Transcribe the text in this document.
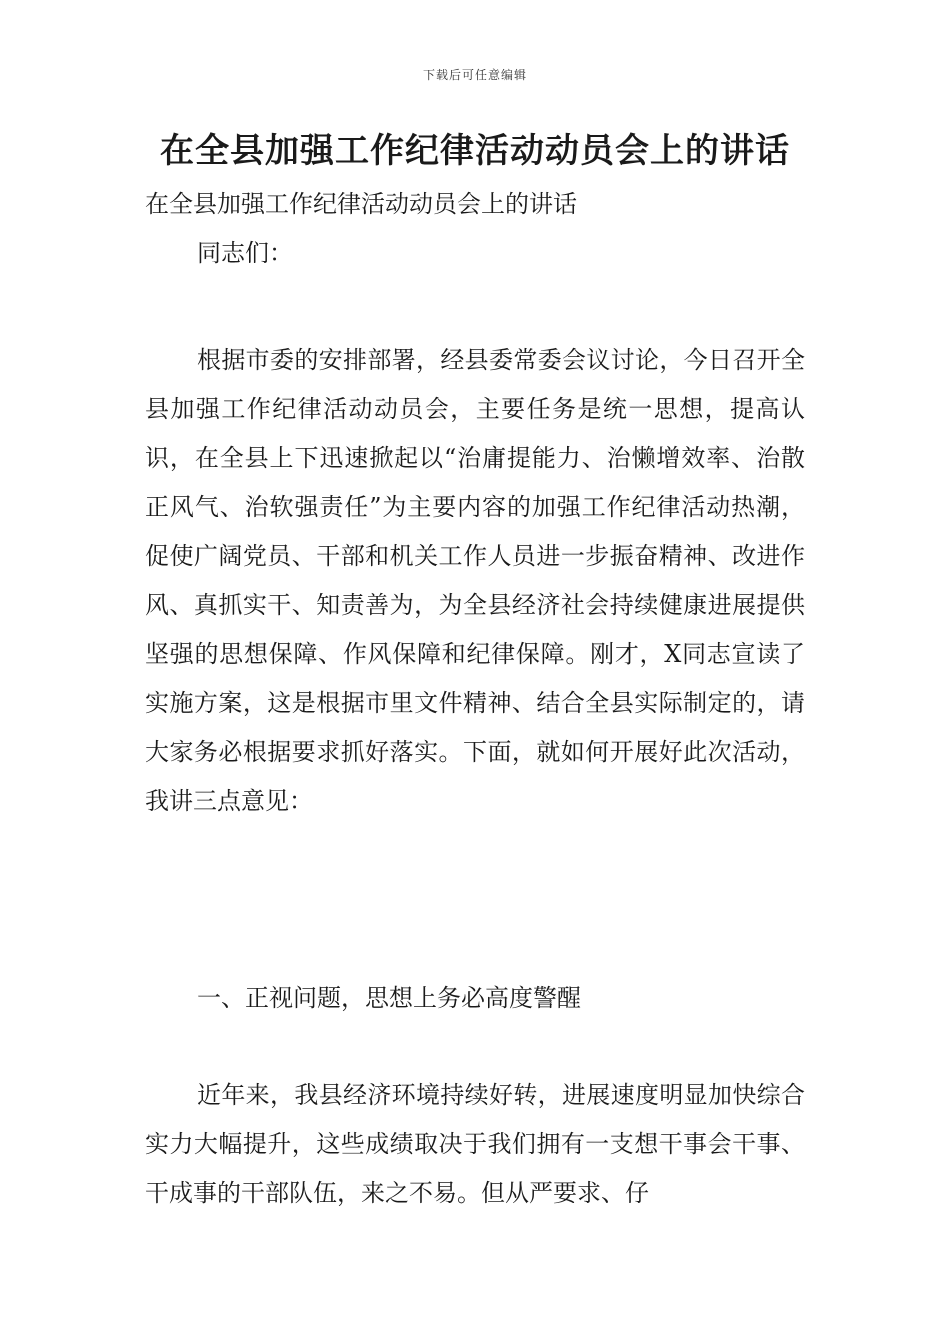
下载后可任意编辑
在全县加强工作纪律活动动员会上的讲话

在全县加强工作纪律活动动员会上的讲话

同志们：

根据市委的安排部署，经县委常委会议讨论，今日召开全县加强工作纪律活动动员会，主要任务是统一思想，提高认识，在全县上下迅速掀起以“治庸提能力、治懒增效率、治散正风气、治软强责任”为主要内容的加强工作纪律活动热潮，促使广阔党员、干部和机关工作人员进一步振奋精神、改进作风、真抓实干、知责善为，为全县经济社会持续健康进展提供坚强的思想保障、作风保障和纪律保障。刚才，X同志宣读了实施方案，这是根据市里文件精神、结合全县实际制定的，请大家务必根据要求抓好落实。下面，就如何开展好此次活动，我讲三点意见：

一、正视问题，思想上务必高度警醒

近年来，我县经济环境持续好转，进展速度明显加快综合实力大幅提升，这些成绩取决于我们拥有一支想干事会干事、干成事的干部队伍，来之不易。但从严要求、仔
